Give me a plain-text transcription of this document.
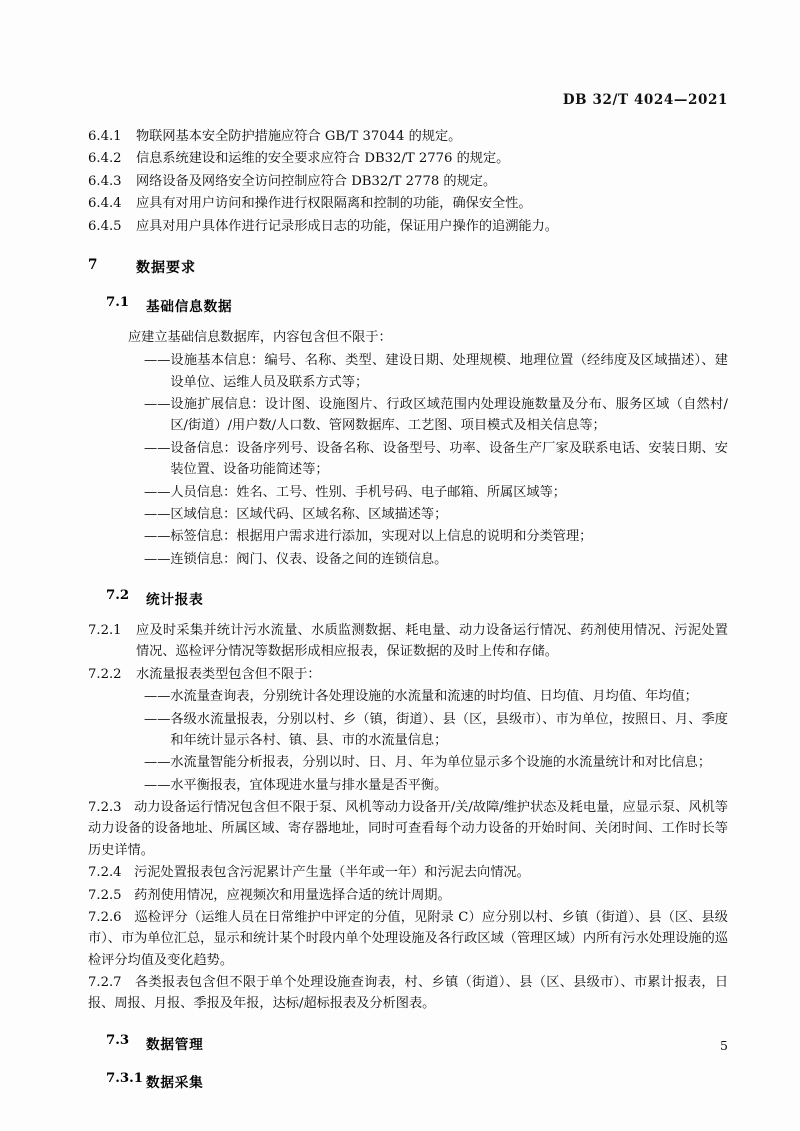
DB 32/T 4024—2021
6.4.1	物联网基本安全防护措施应符合 GB/T 37044 的规定。
6.4.2	信息系统建设和运维的安全要求应符合 DB32/T 2776 的规定。
6.4.3	网络设备及网络安全访问控制应符合 DB32/T 2778 的规定。
6.4.4	应具有对用户访问和操作进行权限隔离和控制的功能，确保安全性。
6.4.5	应具对用户具体作进行记录形成日志的功能，保证用户操作的追溯能力。
7	数据要求
7.1	基础信息数据
应建立基础信息数据库，内容包含但不限于：
—— 设施基本信息：编号、名称、类型、建设日期、处理规模、地理位置（经纬度及区域描述）、建设单位、运维人员及联系方式等；
—— 设施扩展信息：设计图、设施图片、行政区域范围内处理设施数量及分布、服务区域（自然村/区/街道）/用户数/人口数、管网数据库、工艺图、项目模式及相关信息等；
—— 设备信息：设备序列号、设备名称、设备型号、功率、设备生产厂家及联系电话、安装日期、安装位置、设备功能简述等；
—— 人员信息：姓名、工号、性别、手机号码、电子邮箱、所属区域等；
—— 区域信息：区域代码、区域名称、区域描述等；
—— 标签信息：根据用户需求进行添加，实现对以上信息的说明和分类管理；
—— 连锁信息：阀门、仪表、设备之间的连锁信息。
7.2	统计报表
7.2.1	应及时采集并统计污水流量、水质监测数据、耗电量、动力设备运行情况、药剂使用情况、污泥处置情况、巡检评分情况等数据形成相应报表，保证数据的及时上传和存储。
7.2.2	水流量报表类型包含但不限于：
—— 水流量查询表，分别统计各处理设施的水流量和流速的时均值、日均值、月均值、年均值；
—— 各级水流量报表，分别以村、乡（镇，街道）、县（区，县级市）、市为单位，按照日、月、季度和年统计显示各村、镇、县、市的水流量信息；
—— 水流量智能分析报表，分别以时、日、月、年为单位显示多个设施的水流量统计和对比信息；
—— 水平衡报表，宜体现进水量与排水量是否平衡。
7.2.3 动力设备运行情况包含但不限于泵、风机等动力设备开/关/故障/维护状态及耗电量，应显示泵、风机等动力设备的设备地址、所属区域、寄存器地址，同时可查看每个动力设备的开始时间、关闭时间、工作时长等历史详情。
7.2.4 污泥处置报表包含污泥累计产生量（半年或一年）和污泥去向情况。
7.2.5 药剂使用情况，应视频次和用量选择合适的统计周期。
7.2.6 巡检评分（运维人员在日常维护中评定的分值，见附录 C）应分别以村、乡镇（街道）、县（区、县级市）、市为单位汇总，显示和统计某个时段内单个处理设施及各行政区域（管理区域）内所有污水处理设施的巡检评分均值及变化趋势。
7.2.7 各类报表包含但不限于单个处理设施查询表，村、乡镇（街道）、县（区、县级市）、市累计报表，日报、周报、月报、季报及年报，达标/超标报表及分析图表。
7.3	数据管理
7.3.1 数据采集
5
